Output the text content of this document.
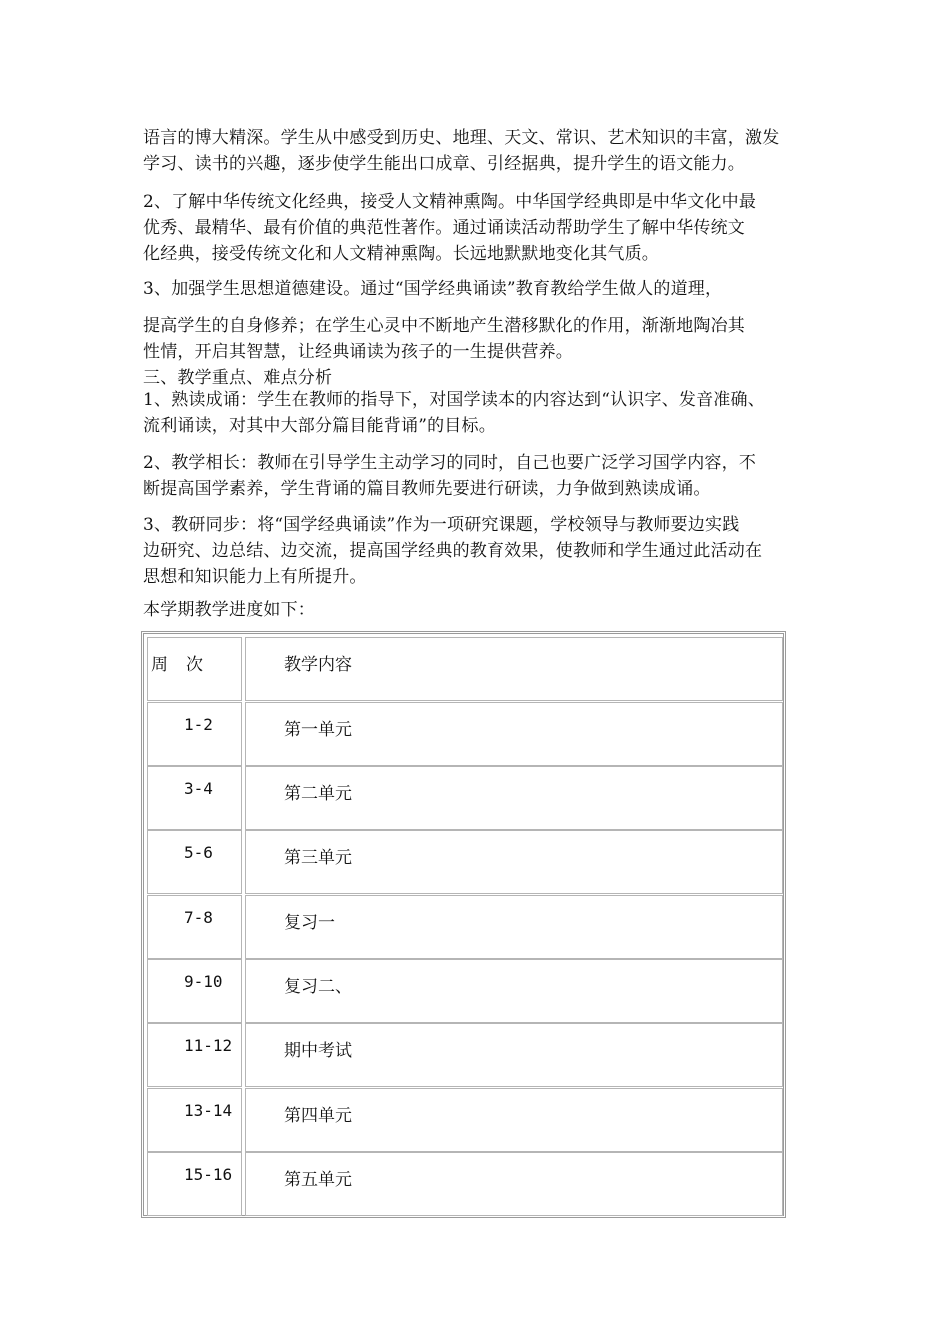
语言的博大精深。学生从中感受到历史、地理、天文、常识、艺术知识的丰富，激发
学习、读书的兴趣，逐步使学生能出口成章、引经据典，提升学生的语文能力。
2、了解中华传统文化经典，接受人文精神熏陶。中华国学经典即是中华文化中最
优秀、最精华、最有价值的典范性著作。通过诵读活动帮助学生了解中华传统文
化经典，接受传统文化和人文精神熏陶。长远地默默地变化其气质。
3、加强学生思想道德建设。通过“国学经典诵读”教育教给学生做人的道理，
提高学生的自身修养；在学生心灵中不断地产生潜移默化的作用，渐渐地陶冶其
性情，开启其智慧，让经典诵读为孩子的一生提供营养。
三、教学重点、难点分析
1、熟读成诵：学生在教师的指导下，对国学读本的内容达到“认识字、发音准确、
流利诵读，对其中大部分篇目能背诵”的目标。
2、教学相长：教师在引导学生主动学习的同时，自己也要广泛学习国学内容，不
断提高国学素养，学生背诵的篇目教师先要进行研读，力争做到熟读成诵。
3、教研同步：将“国学经典诵读”作为一项研究课题，学校领导与教师要边实践
边研究、边总结、边交流，提高国学经典的教育效果，使教师和学生通过此活动在
思想和知识能力上有所提升。
本学期教学进度如下：
周次	教学内容
1-2	第一单元
3-4	第二单元
5-6	第三单元
7-8	复习一
9-10	复习二、
11-12	期中考试
13-14	第四单元
15-16	第五单元
